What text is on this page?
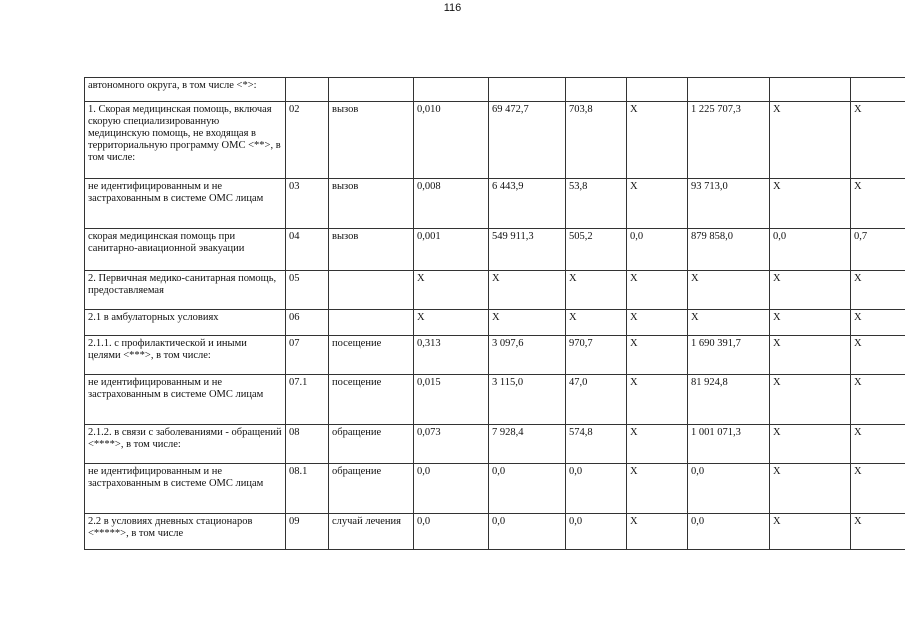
116
автономного округа, в том числе <*>:										
1. Скорая медицинская помощь, включая скорую специализированную медицинскую помощь, не входящая в территориальную программу ОМС <**>, в том числе:	02	вызов	0,010	69 472,7	703,8	X	1 225 707,3	X	X	
не идентифицированным и не застрахованным в системе ОМС лицам	03	вызов	0,008	6 443,9	53,8	X	93 713,0	X	X	
скорая медицинская помощь при санитарно-авиационной эвакуации	04	вызов	0,001	549 911,3	505,2	0,0	879 858,0	0,0	0,7	
2. Первичная медико-санитарная помощь, предоставляемая	05		X	X	X	X	X	X	X	
2.1 в амбулаторных условиях	06		X	X	X	X	X	X	X	
2.1.1. с профилактической и иными целями <***>, в том числе:	07	посещение	0,313	3 097,6	970,7	X	1 690 391,7	X	X	
не идентифицированным и не застрахованным в системе ОМС лицам	07.1	посещение	0,015	3 115,0	47,0	X	81 924,8	X	X	
2.1.2. в связи с заболеваниями - обращений <****>, в том числе:	08	обращение	0,073	7 928,4	574,8	X	1 001 071,3	X	X	
не идентифицированным и не застрахованным в системе ОМС лицам	08.1	обращение	0,0	0,0	0,0	X	0,0	X	X	
2.2 в условиях дневных стационаров <*****>, в том числе	09	случай лечения	0,0	0,0	0,0	X	0,0	X	X	
